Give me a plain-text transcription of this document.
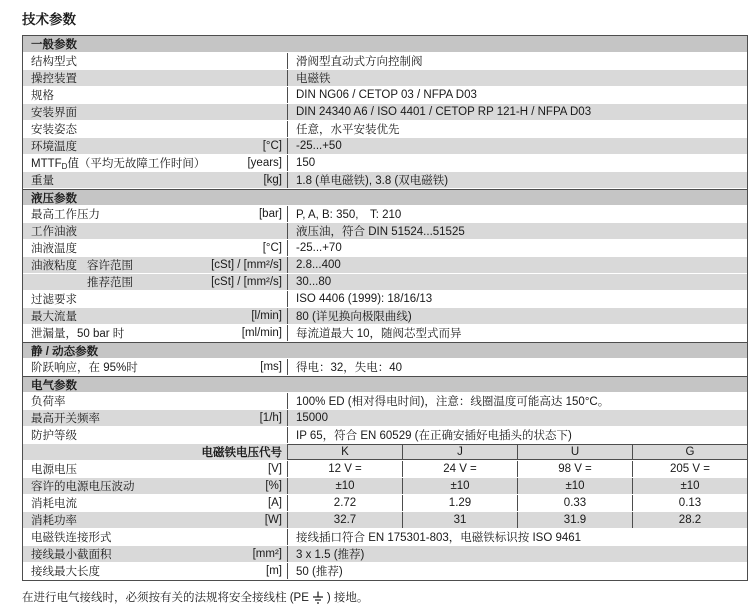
技术参数
一般参数
结构型式	滑阀型直动式方向控制阀
操控装置	电磁铁
规格	DIN NG06 / CETOP 03 / NFPA D03
安装界面	DIN 24340 A6 / ISO 4401 / CETOP RP 121-H / NFPA D03
安装姿态	任意，水平安装优先
环境温度	[°C]	-25...+50
$MTTF_D$值（平均无故障工作时间）	[years]	150
重量	[kg]	1.8 (单电磁铁), 3.8 (双电磁铁)
液压参数
最高工作压力	[bar]	P, A, B: 350,　T: 210
工作油液	液压油，符合 DIN 51524...51525
油液温度	[°C]	-25...+70
油液粘度 容许范围	[cSt] / [mm²/s]	2.8...400
推荐范围	[cSt] / [mm²/s]	30...80
过滤要求	ISO 4406 (1999): 18/16/13
最大流量	[l/min]	80 (详见换向极限曲线)
泄漏量，50 bar 时	[ml/min]	每流道最大 10，随阀芯型式而异
静 / 动态参数
阶跃响应，在 95%时	[ms]	得电：32，失电：40
电气参数
负荷率	100% ED (相对得电时间)，注意：线圈温度可能高达 150°C。
最高开关频率	[1/h]	15000
防护等级	IP 65，符合 EN 60529 (在正确安插好电插头的状态下)
电磁铁电压代号	K	J	U	G
电源电压	[V]	12 V =	24 V =	98 V =	205 V =
容许的电源电压波动	[%]	±10	±10	±10	±10
消耗电流	[A]	2.72	1.29	0.33	0.13
消耗功率	[W]	32.7	31	31.9	28.2
电磁铁连接形式	接线插口符合 EN 175301-803，电磁铁标识按 ISO 9461
接线最小截面积	[mm²]	3 x 1.5 (推荐)
接线最大长度	[m]	50 (推荐)
在进行电气接线时，必须按有关的法规将安全接线柱 (PE ) 接地。
